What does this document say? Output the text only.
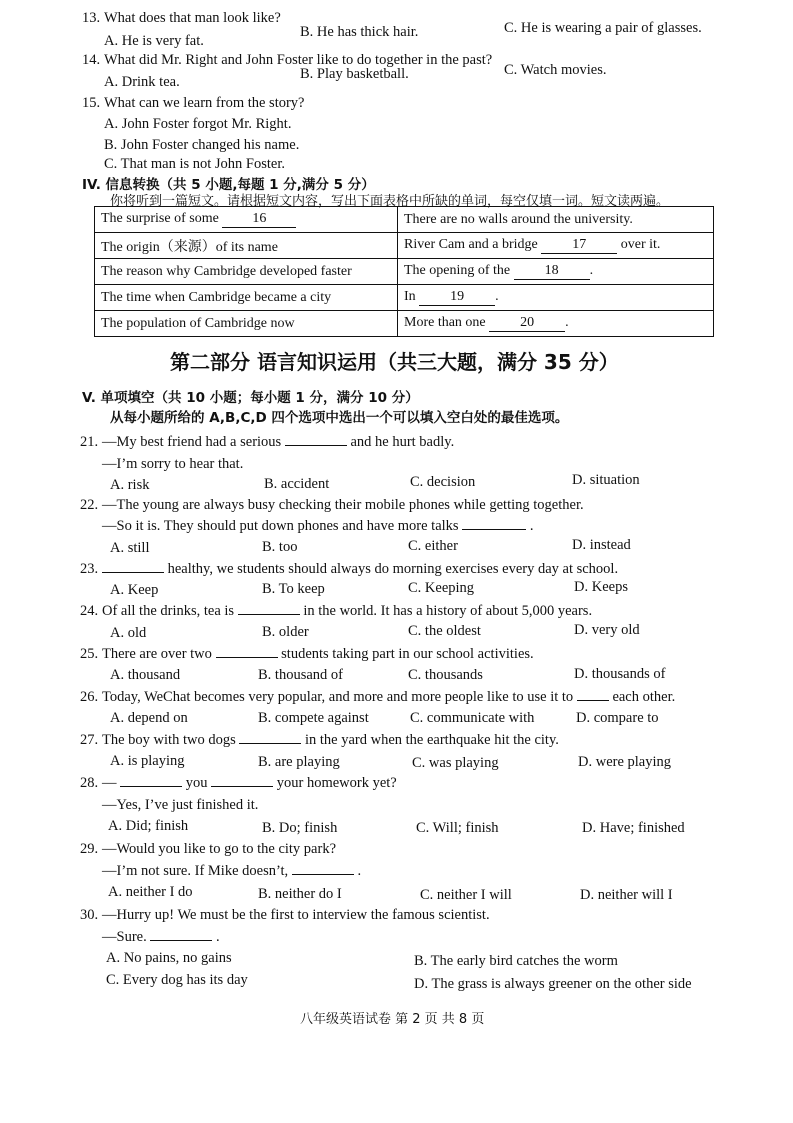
13. What does that man look like?
A. He is very fat.
B. He has thick hair.	C. He is wearing a pair of glasses.
14. What did Mr. Right and John Foster like to do together in the past?
A. Drink tea.	B. Play basketball.	C. Watch movies.
15. What can we learn from the story?
A. John Foster forgot Mr. Right.
B. John Foster changed his name.
C. That man is not John Foster.
IV. 信息转换（共 5 小题,每题 1 分,满分 5 分）
你将听到一篇短文。请根据短文内容，写出下面表格中所缺的单词，每空仅填一词。短文读两遍。
The surprise of some 16	There are no walls around the university.
The origin（来源）of its name	River Cam and a bridge 17 over it.
The reason why Cambridge developed faster	The opening of the 18 .
The time when Cambridge became a city	In 19 .
The population of Cambridge now	More than one 20 .
第二部分 语言知识运用（共三大题，满分 35 分）
V. 单项填空（共 10 小题；每小题 1 分，满分 10 分）
从每小题所给的 A,B,C,D 四个选项中选出一个可以填入空白处的最佳选项。
21. —My best friend had a serious	and he hurt badly.
—I’m sorry to hear that.
A. risk	B. accident	C. decision	D. situation
22. —The young are always busy checking their mobile phones while getting together.
—So it is. They should put down phones and have more talks	.
A. still	B. too	C. either	D. instead
23.	healthy, we students should always do morning exercises every day at school.
A. Keep	B. To keep	C. Keeping	D. Keeps
24. Of all the drinks, tea is	in the world. It has a history of about 5,000 years.
A. old	B. older	C. the oldest	D. very old
25. There are over two	students taking part in our school activities.
A. thousand	B. thousand of	C. thousands	D. thousands of
26. Today, WeChat becomes very popular, and more and more people like to use it to	each other.
A. depend on	B. compete against	C. communicate with	D. compare to
27. The boy with two dogs	in the yard when the earthquake hit the city.
A. is playing	B. are playing	C. was playing	D. were playing
28. —	you	your homework yet?
—Yes, I’ve just finished it.
A. Did; finish	B. Do; finish	C. Will; finish	D. Have; finished
29. —Would you like to go to the city park?
—I’m not sure. If Mike doesn’t,	.
A. neither I do	B. neither do I	C. neither I will	D. neither will I
30. —Hurry up! We must be the first to interview the famous scientist.
—Sure.	.
A. No pains, no gains	B. The early bird catches the worm
C. Every dog has its day	D. The grass is always greener on the other side
八年级英语试卷 第 2 页 共 8 页
